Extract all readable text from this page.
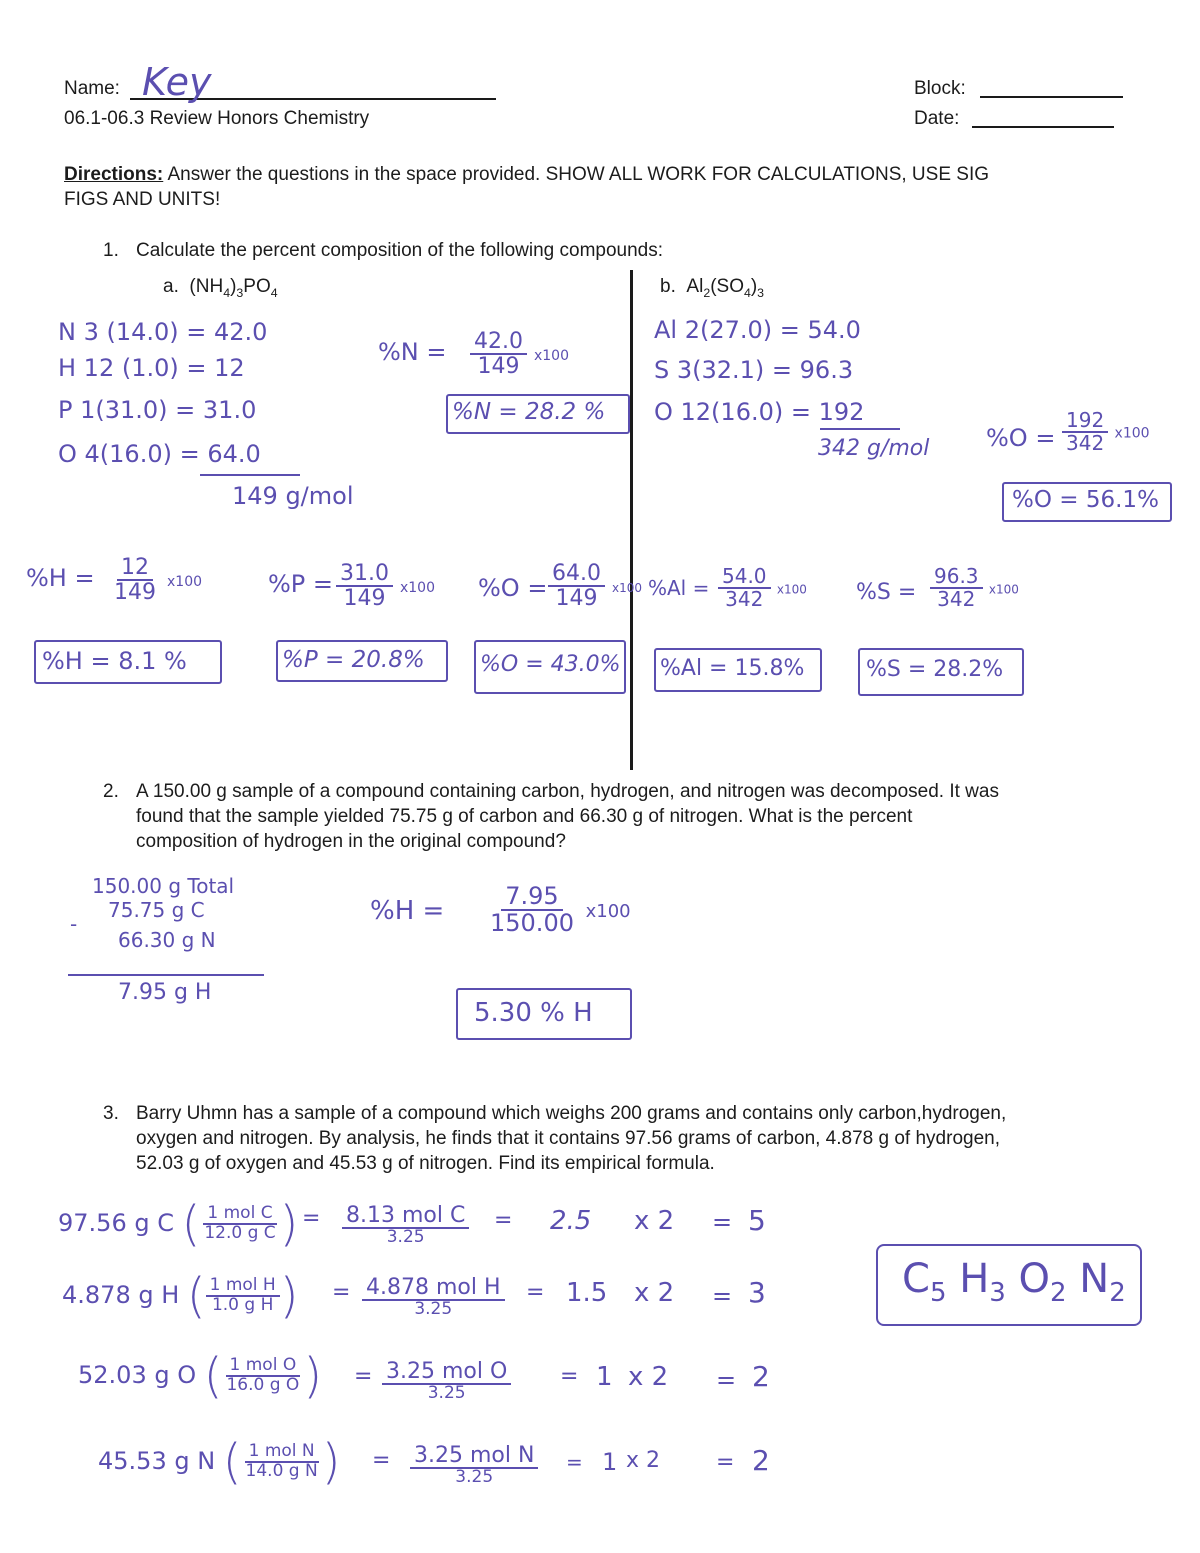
Name: Key
06.1-06.3 Review Honors Chemistry
Block:
Date:
Directions: Answer the questions in the space provided. SHOW ALL WORK FOR CALCULATIONS, USE SIG
FIGS AND UNITS!
1. Calculate the percent composition of the following compounds:
a.  $(NH_4)_3PO_4$	b.  $Al_2(SO_4)_3$
N 3 (14.0) = 42.0
H 12 (1.0) = 12
P 1(31.0) = 31.0
O 4(16.0) = 64.0
149 g/mol
$\%N = \frac{42.0}{149} x100$
%N = 28.2 %
Al 2(27.0) = 54.0
S 3(32.1) = 96.3
O 12(16.0) = 192
342 g/mol $\%O = \frac{192}{342} x100$
%O = 56.1%
$\%H = \frac{12}{149} x100$	$\%P = \frac{31.0}{149} x100$ $\%O = \frac{64.0}{149} x100$ $\%Al = \frac{54.0}{342} x100$ $\%S = \frac{96.3}{342} x100$
%H = 8.1 %	%P = 20.8%	%O = 43.0% %Al = 15.8%	%S = 28.2%
2. A 150.00 g sample of a compound containing carbon, hydrogen, and nitrogen was decomposed. It was
found that the sample yielded 75.75 g of carbon and 66.30 g of nitrogen. What is the percent
composition of hydrogen in the original compound?
150.00 g Total
-
75.75 g C
66.30 g N
7.95 g H
$\%H = \frac{7.95}{150.00} x100$
5.30 % H
3. Barry Uhmn has a sample of a compound which weighs 200 grams and contains only carbon,hydrogen,
oxygen and nitrogen. By analysis, he finds that it contains 97.56 grams of carbon, 4.878 g of hydrogen,
52.03 g of oxygen and 45.53 g of nitrogen. Find its empirical formula.
97.56 g C ( $\frac{\text{1 mol C}}{\text{12.0 g C}}$ ) = $\frac{\text{8.13 mol C}}{3.25} = 2.5$ x 2 = 5
4.878 g H ( $\frac{\text{1 mol H}}{\text{1.0 g H}}$ ) = $\frac{\text{4.878 mol H}}{3.25} = 1.5$ x 2 = 3
52.03 g O ( $\frac{\text{1 mol O}}{\text{16.0 g O}}$ ) = $\frac{\text{3.25 mol O}}{3.25} = 1$ x 2 = 2
45.53 g N ( $\frac{\text{1 mol N}}{\text{14.0 g N}}$ ) = $\frac{\text{3.25 mol N}}{3.25} = 1$ x 2	= 2
$C_5$ $H_3$ $O_2$ $N_2$
